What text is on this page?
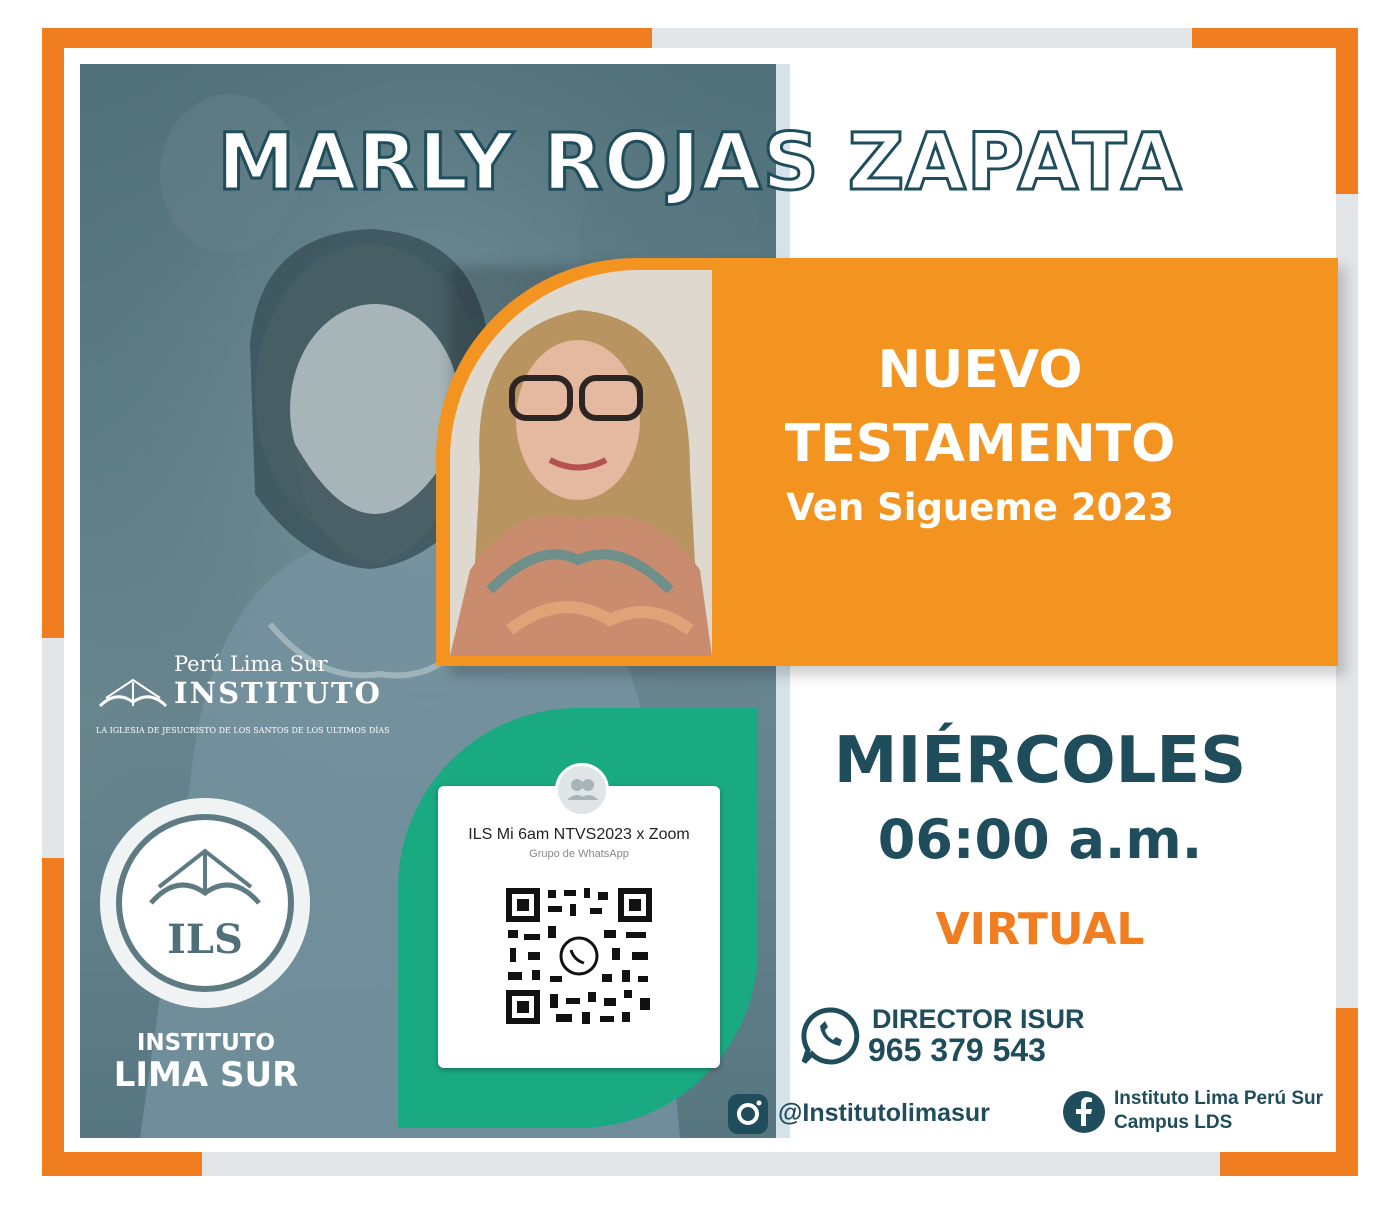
MARLY ROJAS ZAPATA
NUEVO
TESTAMENTO
Ven Sigueme 2023
Perú Lima Sur
INSTITUTO
LA IGLESIA DE JESUCRISTO DE LOS SANTOS DE LOS ULTIMOS DÍAS
ILS
INSTITUTO
LIMA SUR
ILS Mi 6am NTVS2023 x Zoom
Grupo de WhatsApp
MIÉRCOLES
06:00 a.m.
VIRTUAL
DIRECTOR ISUR
965 379 543
@Institutolimasur
Instituto Lima Perú Sur
Campus LDS
